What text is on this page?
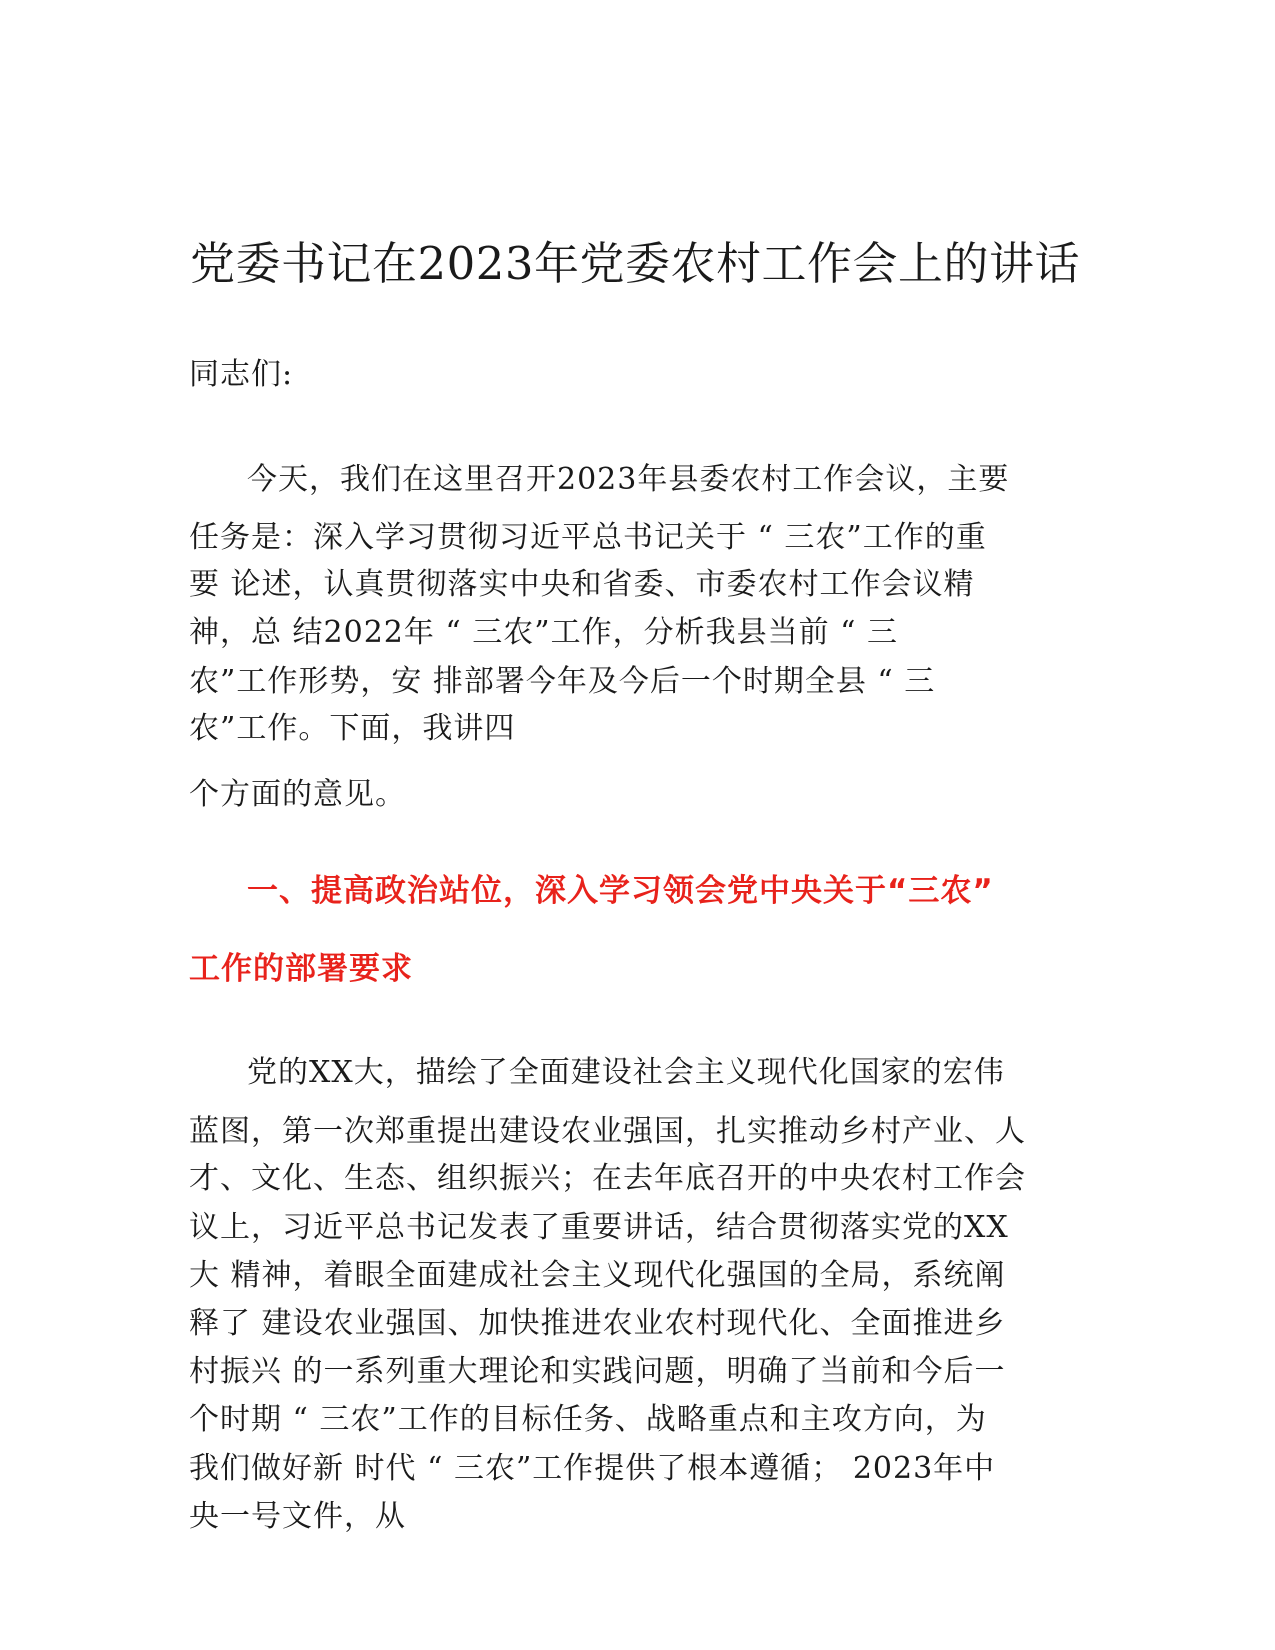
党委书记在2023年党委农村工作会上的讲话
同志们:
今天，我们在这里召开2023年县委农村工作会议，主要
任务是：深入学习贯彻习近平总书记关于 “ 三农”工作的重
要 论述，认真贯彻落实中央和省委、市委农村工作会议精
神，总 结2022年 “ 三农”工作，分析我县当前 “ 三
农”工作形势，安 排部署今年及今后一个时期全县 “ 三
农”工作。下面，我讲四
个方面的意见。
一、提高政治站位，深入学习领会党中央关于“三农”
工作的部署要求
党的XX大，描绘了全面建设社会主义现代化国家的宏伟
蓝图，第一次郑重提出建设农业强国，扎实推动乡村产业、人
才、文化、生态、组织振兴；在去年底召开的中央农村工作会
议上，习近平总书记发表了重要讲话，结合贯彻落实党的XX
大 精神，着眼全面建成社会主义现代化强国的全局，系统阐
释了 建设农业强国、加快推进农业农村现代化、全面推进乡
村振兴 的一系列重大理论和实践问题，明确了当前和今后一
个时期 “ 三农”工作的目标任务、战略重点和主攻方向，为
我们做好新 时代 “ 三农”工作提供了根本遵循； 2023年中
央一号文件，从
